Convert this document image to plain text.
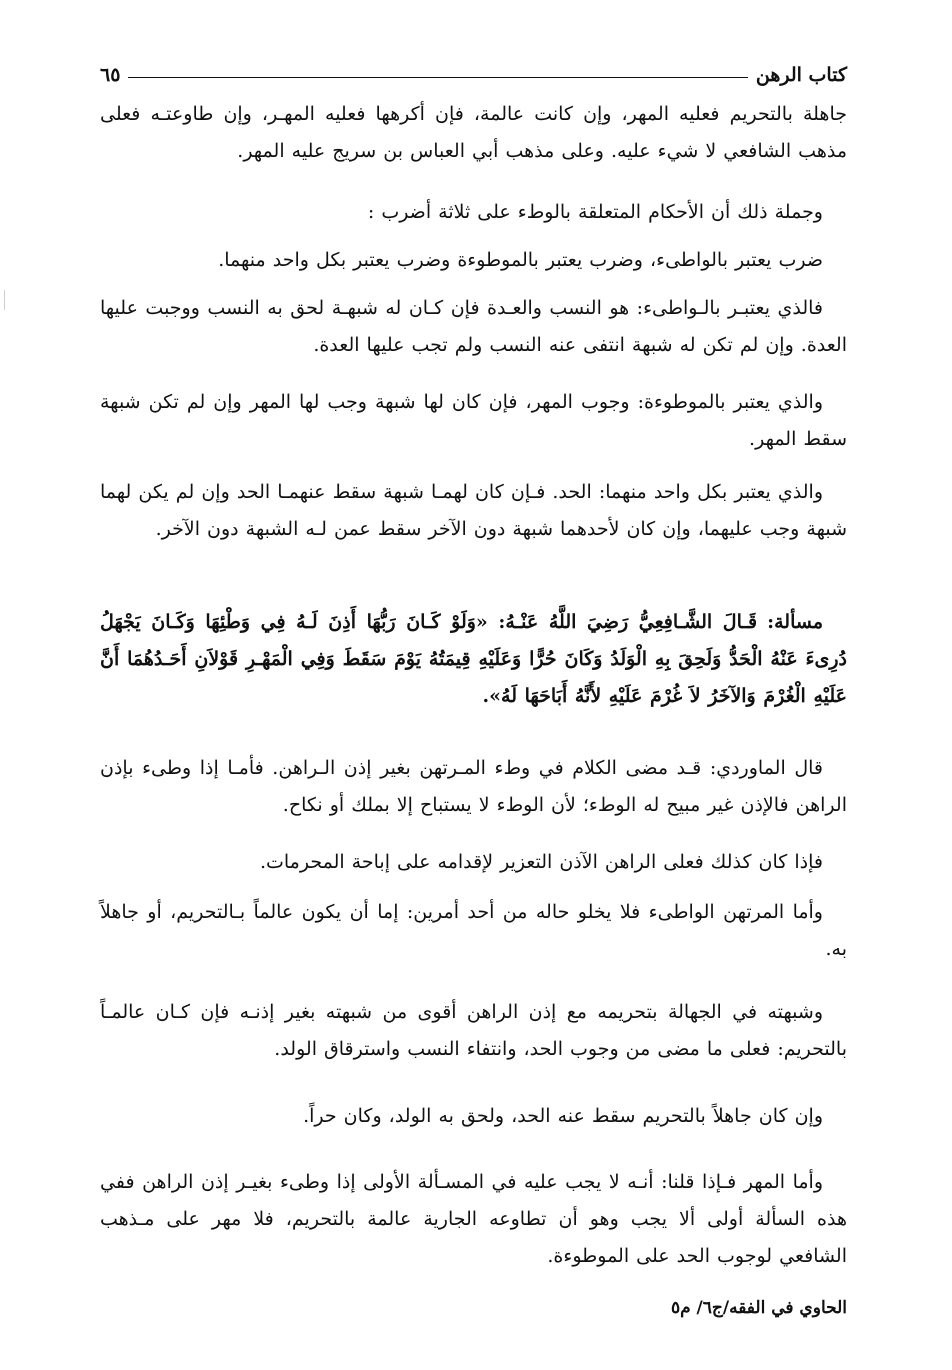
كتاب الرهن
٦٥

جاهلة بالتحريم فعليه المهر، وإن كانت عالمة، فإن أكرهها فعليه المهـر، وإن طاوعتـه فعلى مذهب الشافعي لا شيء عليه. وعلى مذهب أبي العباس بن سريج عليه المهر.

وجملة ذلك أن الأحكام المتعلقة بالوطء على ثلاثة أضرب :

ضرب يعتبر بالواطىء، وضرب يعتبر بالموطوءة وضرب يعتبر بكل واحد منهما.

فالذي يعتبـر بالـواطىء: هو النسب والعـدة فإن كـان له شبهـة لحق به النسب ووجبت عليها العدة. وإن لم تكن له شبهة انتفى عنه النسب ولم تجب عليها العدة.

والذي يعتبر بالموطوءة: وجوب المهر، فإن كان لها شبهة وجب لها المهر وإن لم تكن شبهة سقط المهر.

والذي يعتبر بكل واحد منهما: الحد. فـإن كان لهمـا شبهة سقط عنهمـا الحد وإن لم يكن لهما شبهة وجب عليهما، وإن كان لأحدهما شبهة دون الآخر سقط عمن لـه الشبهة دون الآخر.

مسألة: قَـالَ الشَّـافِعِيُّ رَضِيَ اللَّهُ عَنْـهُ: «وَلَوْ كَـانَ رَبُّهَا أَذِنَ لَـهُ فِي وَطْئِهَا وَكَـانَ يَجْهَلُ دُرِىءَ عَنْهُ الْحَدُّ وَلَحِقَ بِهِ الْوَلَدُ وَكَانَ حُرًّا وَعَلَيْهِ قِيمَتُهُ يَوْمَ سَقَطَ وَفِي الْمَهْـرِ قَوْلاَنِ أَحَـدُهُمَا أَنَّ عَلَيْهِ الْغُرْمَ وَالآخَرُ لاَ غُرْمَ عَلَيْهِ لأَنَّهُ أَبَاحَهَا لَهُ».

قال الماوردي: قـد مضى الكلام في وطء المـرتهن بغير إذن الـراهن. فأمـا إذا وطىء بإذن الراهن فالإذن غير مبيح له الوطء؛ لأن الوطء لا يستباح إلا بملك أو نكاح.

فإذا كان كذلك فعلى الراهن الآذن التعزير لإقدامه على إباحة المحرمات.

وأما المرتهن الواطىء فلا يخلو حاله من أحد أمرين: إما أن يكون عالماً بـالتحريم، أو جاهلاً به.

وشبهته في الجهالة بتحريمه مع إذن الراهن أقوى من شبهته بغير إذنـه فإن كـان عالمـاً بالتحريم: فعلى ما مضى من وجوب الحد، وانتفاء النسب واسترقاق الولد.

وإن كان جاهلاً بالتحريم سقط عنه الحد، ولحق به الولد، وكان حراً.

وأما المهر فـإذا قلنا: أنـه لا يجب عليه في المسـألة الأولى إذا وطىء بغيـر إذن الراهن ففي هذه السألة أولى ألا يجب وهو أن تطاوعه الجارية عالمة بالتحريم، فلا مهر على مـذهب الشافعي لوجوب الحد على الموطوءة.

الحاوي في الفقه/ج٦/ م٥
